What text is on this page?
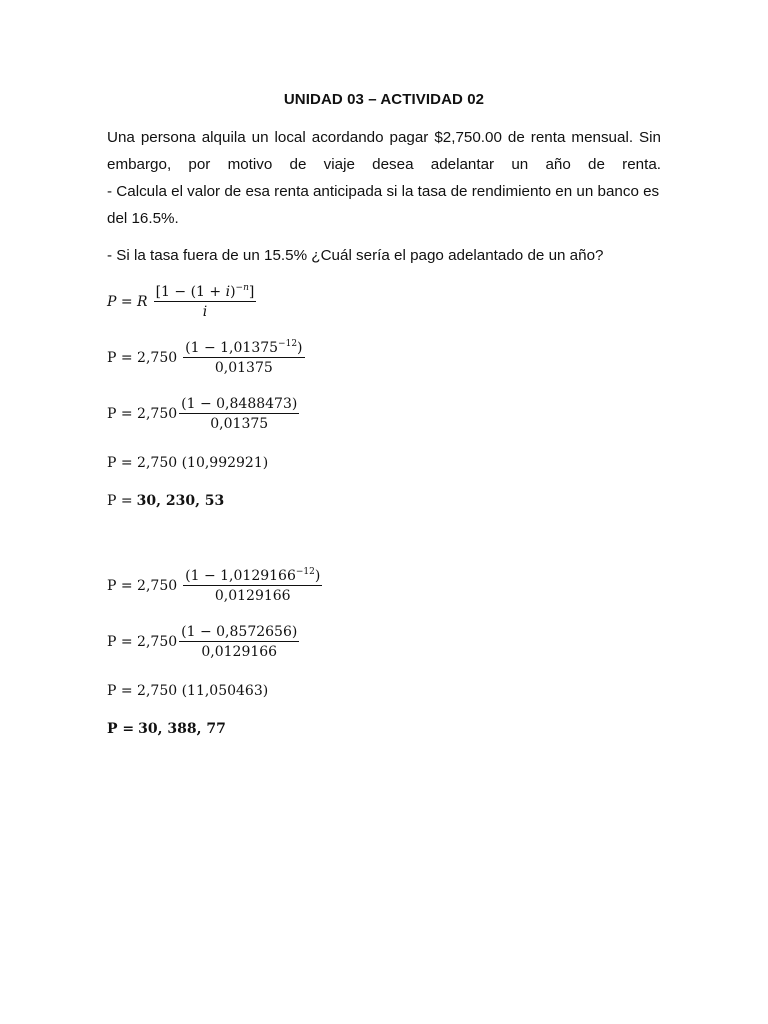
UNIDAD 03 – ACTIVIDAD 02
Una persona alquila un local acordando pagar $2,750.00 de renta mensual. Sin
embargo, por motivo de viaje desea adelantar un año de renta.
- Calcula el valor de esa renta anticipada si la tasa de rendimiento en un banco es
del 16.5%.
- Si la tasa fuera de un 15.5% ¿Cuál sería el pago adelantado de un año?
P = R $\frac{[1 - (1 + i)^{-n}]}{i}$
$P = 2,750 \frac{(1 - 1,01375^{-12})}{0,01375}$
$P = 2,750 \frac{(1 - 0,8488473)}{0,01375}$
P = 2,750 (10,992921)
P = 30, 230, 53
$P = 2,750 \frac{(1 - 1,0129166^{-12})}{0,0129166}$
$P = 2,750 \frac{(1 - 0,8572656)}{0,0129166}$
P = 2,750 (11,050463)
P = 30, 388, 77
